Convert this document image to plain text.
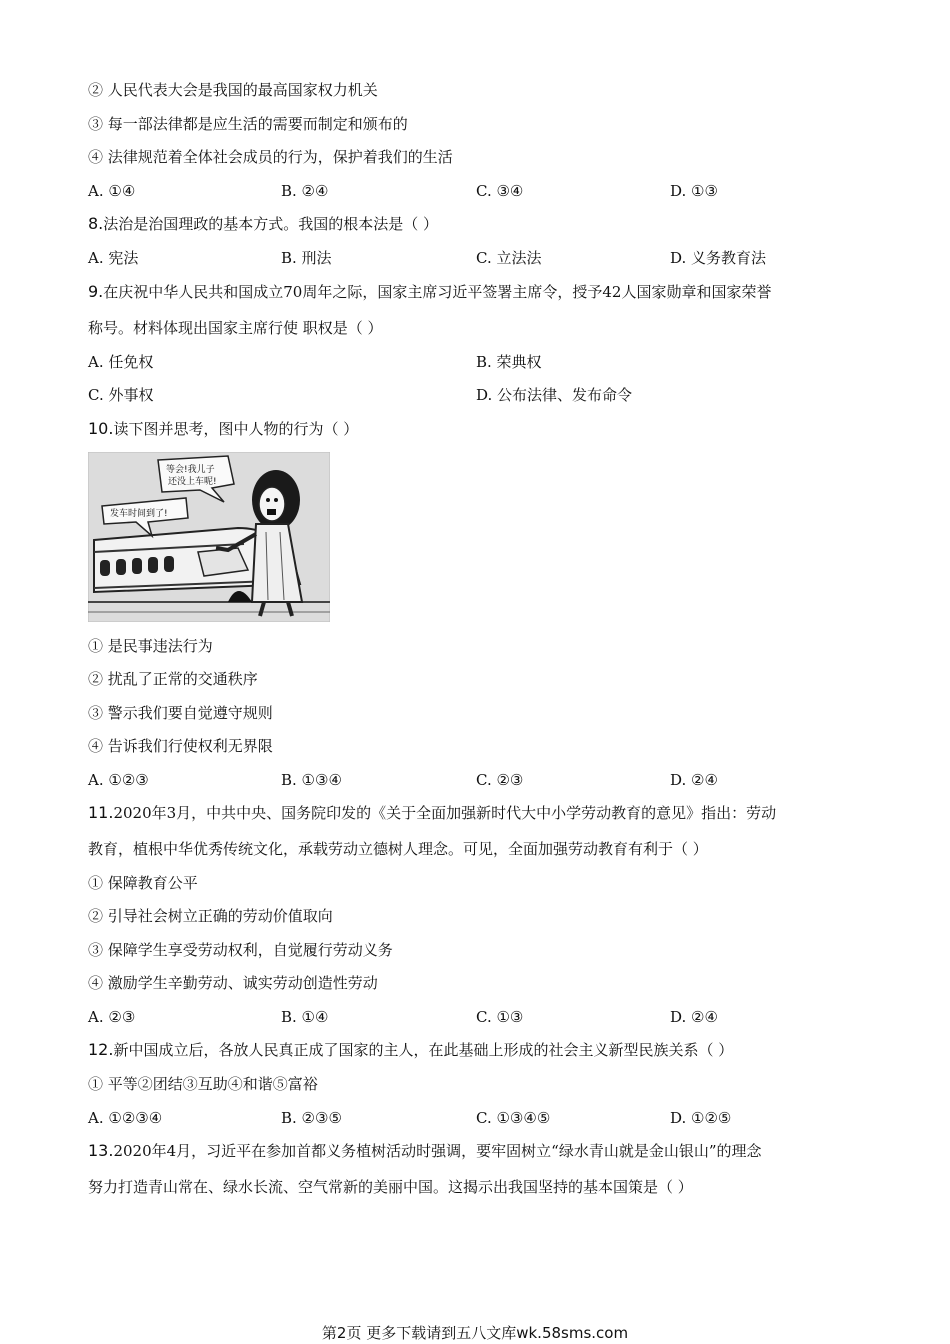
② 人民代表大会是我国的最高国家权力机关
③ 每一部法律都是应生活的需要而制定和颁布的
④ 法律规范着全体社会成员的行为，保护着我们的生活
A. ①④	B. ②④	C. ③④	D. ①③
8.法治是治国理政的基本方式。我国的根本法是（ ）
A. 宪法	B. 刑法	C. 立法法	D. 义务教育法
9.在庆祝中华人民共和国成立70周年之际，国家主席习近平签署主席令，授予42人国家勋章和国家荣誉
称号。材料体现出国家主席行使 职权是（ ）
A. 任免权	B. 荣典权
C. 外事权	D. 公布法律、发布命令
10.读下图并思考，图中人物的行为（ ）
等会!我儿子
还没上车呢!
发车时间到了!
① 是民事违法行为
② 扰乱了正常的交通秩序
③ 警示我们要自觉遵守规则
④ 告诉我们行使权利无界限
A. ①②③	B. ①③④	C. ②③	D. ②④
11.2020年3月，中共中央、国务院印发的《关于全面加强新时代大中小学劳动教育的意见》指出：劳动
教育，植根中华优秀传统文化，承载劳动立德树人理念。可见，全面加强劳动教育有利于（ ）
① 保障教育公平
② 引导社会树立正确的劳动价值取向
③ 保障学生享受劳动权利，自觉履行劳动义务
④ 激励学生辛勤劳动、诚实劳动创造性劳动
A. ②③	B. ①④	C. ①③	D. ②④
12.新中国成立后，各放人民真正成了国家的主人，在此基础上形成的社会主义新型民族关系（ ）
① 平等②团结③互助④和谐⑤富裕
A. ①②③④	B. ②③⑤	C. ①③④⑤	D. ①②⑤
13.2020年4月，习近平在参加首都义务植树活动时强调，要牢固树立“绿水青山就是金山银山”的理念
努力打造青山常在、绿水长流、空气常新的美丽中国。这揭示出我国坚持的基本国策是（ ）
第2页 更多下载请到五八文库wk.58sms.com
